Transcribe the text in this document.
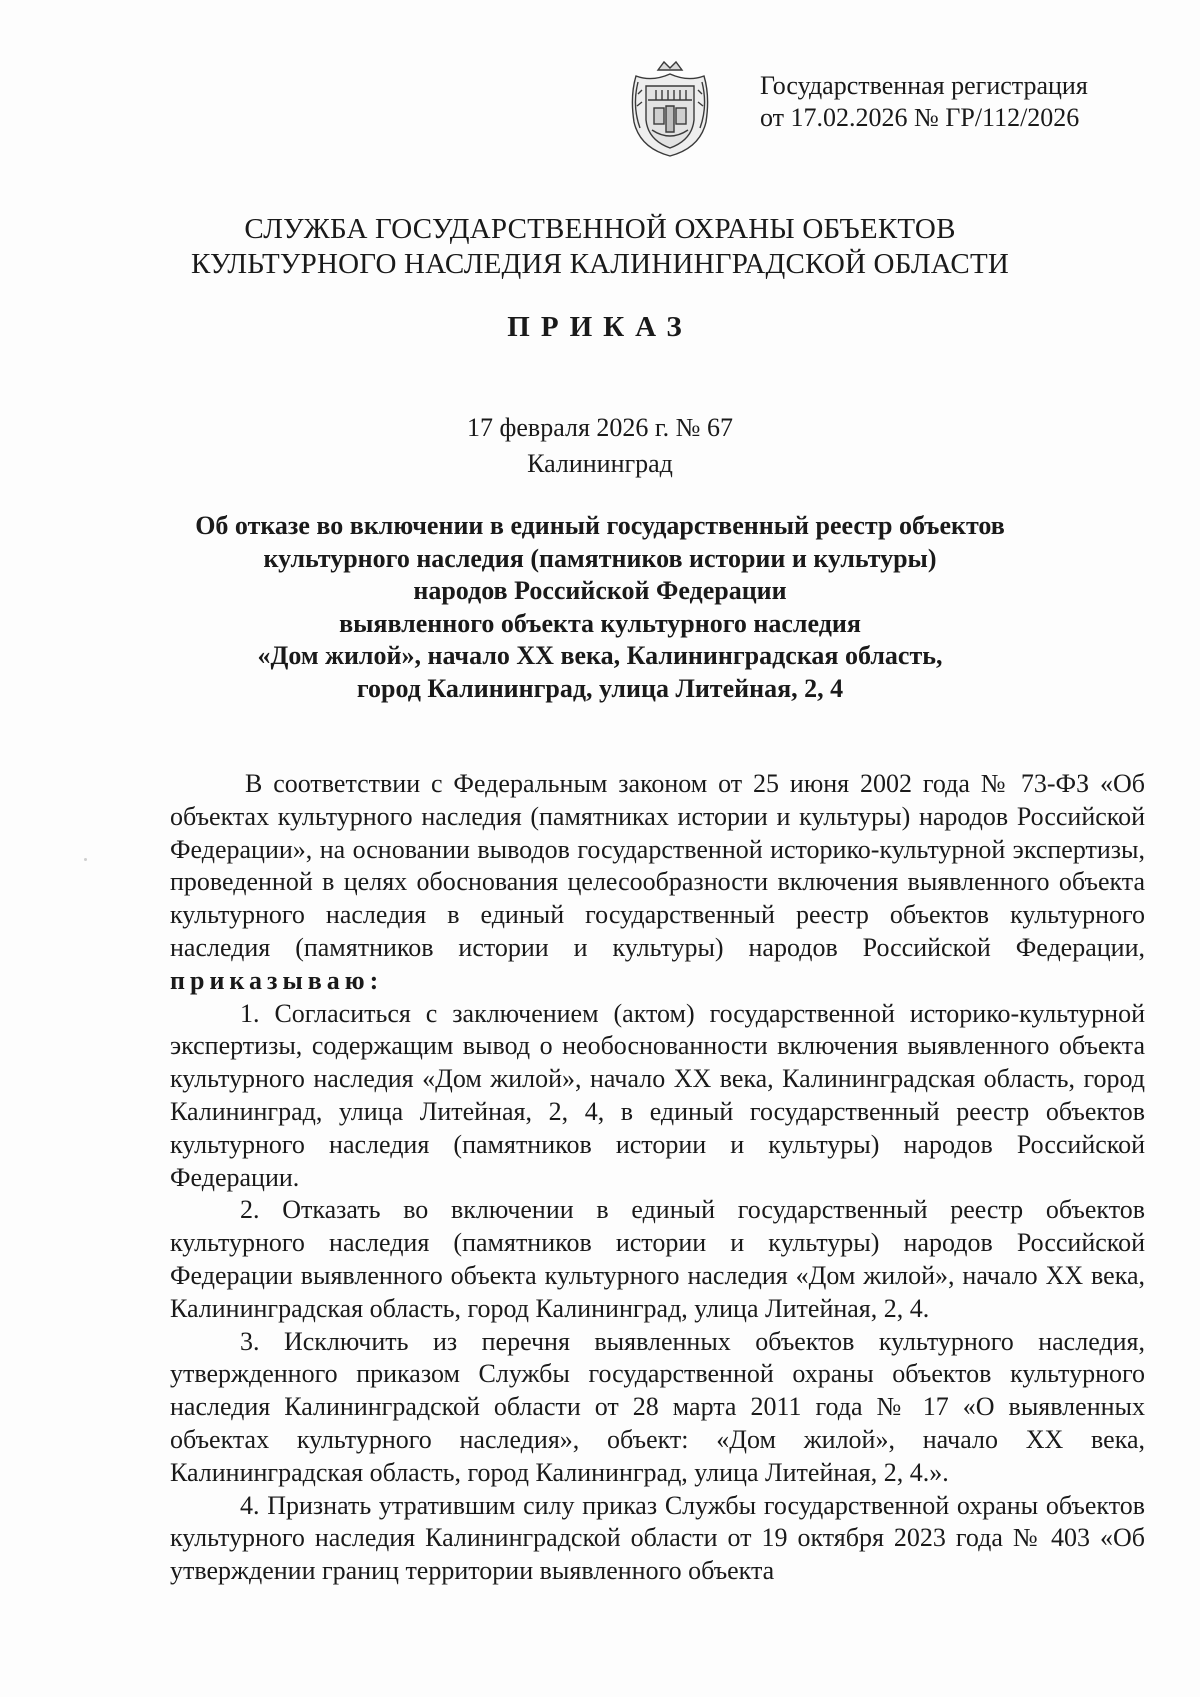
Государственная регистрация
от 17.02.2026 № ГР/112/2026
СЛУЖБА ГОСУДАРСТВЕННОЙ ОХРАНЫ ОБЪЕКТОВ
КУЛЬТУРНОГО НАСЛЕДИЯ КАЛИНИНГРАДСКОЙ ОБЛАСТИ
ПРИКАЗ
17 февраля 2026 г. № 67
Калининград
Об отказе во включении в единый государственный реестр объектов
культурного наследия (памятников истории и культуры)
народов Российской Федерации
выявленного объекта культурного наследия
«Дом жилой», начало XX века, Калининградская область,
город Калининград, улица Литейная, 2, 4

В соответствии с Федеральным законом от 25 июня 2002 года № 73-ФЗ «Об объектах культурного наследия (памятниках истории и культуры) народов Российской Федерации», на основании выводов государственной историко-культурной экспертизы, проведенной в целях обоснования целесообразности включения выявленного объекта культурного наследия в единый государственный реестр объектов культурного наследия (памятников истории и культуры) народов Российской Федерации, приказываю:

1. Согласиться с заключением (актом) государственной историко-культурной экспертизы, содержащим вывод о необоснованности включения выявленного объекта культурного наследия «Дом жилой», начало XX века, Калининградская область, город Калининград, улица Литейная, 2, 4, в единый государственный реестр объектов культурного наследия (памятников истории и культуры) народов Российской Федерации.

2. Отказать во включении в единый государственный реестр объектов культурного наследия (памятников истории и культуры) народов Российской Федерации выявленного объекта культурного наследия «Дом жилой», начало XX века, Калининградская область, город Калининград, улица Литейная, 2, 4.

3. Исключить из перечня выявленных объектов культурного наследия, утвержденного приказом Службы государственной охраны объектов культурного наследия Калининградской области от 28 марта 2011 года № 17 «О выявленных объектах культурного наследия», объект: «Дом жилой», начало XX века, Калининградская область, город Калининград, улица Литейная, 2, 4.».

4. Признать утратившим силу приказ Службы государственной охраны объектов культурного наследия Калининградской области от 19 октября 2023 года № 403 «Об утверждении границ территории выявленного объекта
